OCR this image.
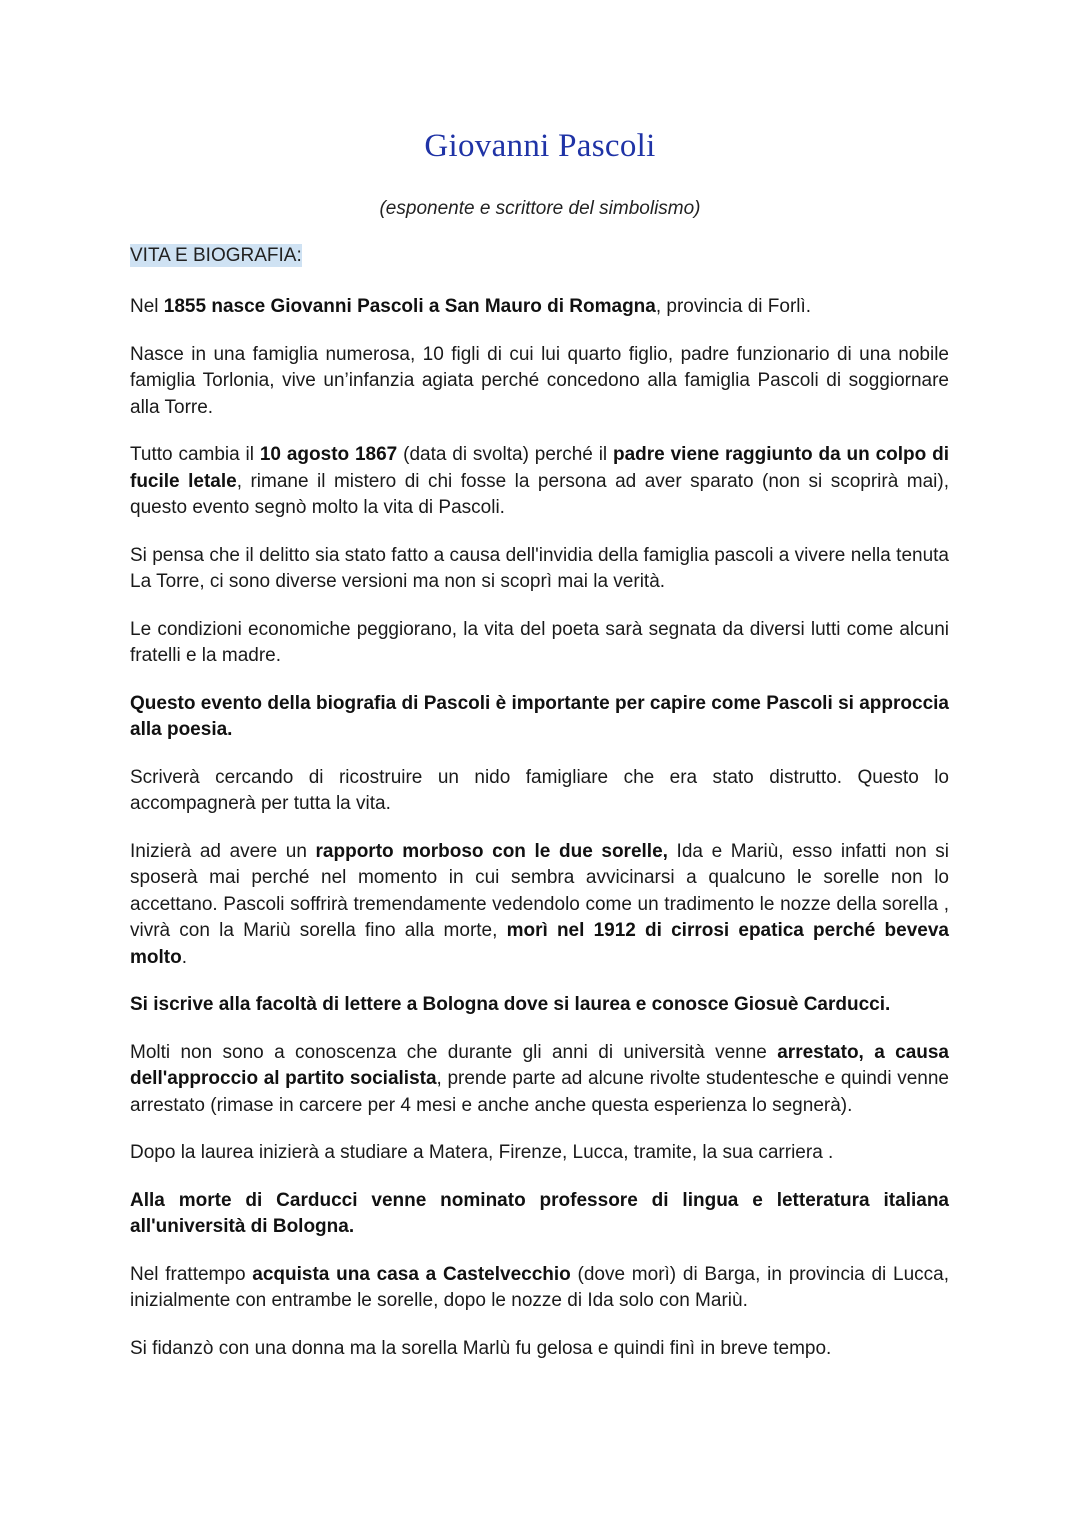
Giovanni Pascoli
(esponente e scrittore del simbolismo)
VITA E BIOGRAFIA:

Nel 1855 nasce Giovanni Pascoli a San Mauro di Romagna, provincia di Forlì.

Nasce in una famiglia numerosa, 10 figli di cui lui quarto figlio, padre funzionario di una nobile famiglia Torlonia, vive un’infanzia agiata perché concedono alla famiglia Pascoli di soggiornare alla Torre.

Tutto cambia il 10 agosto 1867 (data di svolta) perché il padre viene raggiunto da un colpo di fucile letale, rimane il mistero di chi fosse la persona ad aver sparato (non si scoprirà mai), questo evento segnò molto la vita di Pascoli.

Si pensa che il delitto sia stato fatto a causa dell'invidia della famiglia pascoli a vivere nella tenuta La Torre, ci sono diverse versioni ma non si scoprì mai la verità.

Le condizioni economiche peggiorano, la vita del poeta sarà segnata da diversi lutti come alcuni fratelli e la madre.

Questo evento della biografia di Pascoli è importante per capire come Pascoli si approccia alla poesia.

Scriverà cercando di ricostruire un nido famigliare che era stato distrutto. Questo lo accompagnerà per tutta la vita.

Inizierà ad avere un rapporto morboso con le due sorelle, Ida e Mariù, esso infatti non si sposerà mai perché nel momento in cui sembra avvicinarsi a qualcuno le sorelle non lo accettano. Pascoli soffrirà tremendamente vedendolo come un tradimento le nozze della sorella , vivrà con la Mariù sorella fino alla morte, morì nel 1912 di cirrosi epatica perché beveva molto.

Si iscrive alla facoltà di lettere a Bologna dove si laurea e conosce Giosuè Carducci.

Molti non sono a conoscenza che durante gli anni di università venne arrestato, a causa dell'approccio al partito socialista, prende parte ad alcune rivolte studentesche e quindi venne arrestato (rimase in carcere per 4 mesi e anche anche questa esperienza lo segnerà).

Dopo la laurea inizierà a studiare a Matera, Firenze, Lucca, tramite, la sua carriera .

Alla morte di Carducci venne nominato professore di lingua e letteratura italiana all'università di Bologna.

Nel frattempo acquista una casa a Castelvecchio (dove morì) di Barga, in provincia di Lucca, inizialmente con entrambe le sorelle, dopo le nozze di Ida solo con Mariù.

Si fidanzò con una donna ma la sorella Marlù fu gelosa e quindi finì in breve tempo.
